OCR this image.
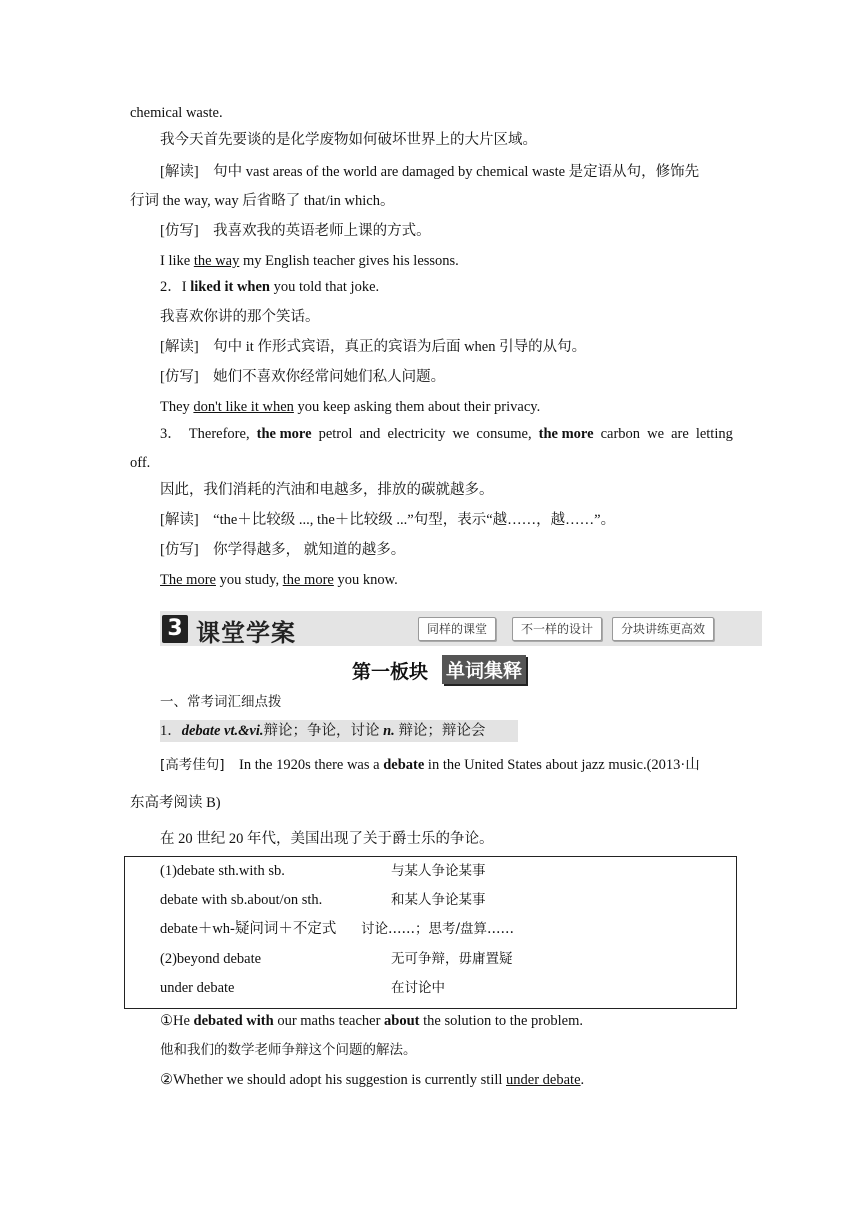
chemical waste.
我今天首先要谈的是化学废物如何破坏世界上的大片区域。
[解读]　句中 vast areas of the world are damaged by chemical waste 是定语从句，修饰先
行词 the way, way 后省略了 that/in which。
[仿写]　我喜欢我的英语老师上课的方式。
I like the way my English teacher gives his lessons.
2．I liked it when you told that joke.
我喜欢你讲的那个笑话。
[解读]　句中 it 作形式宾语，真正的宾语为后面 when 引导的从句。
[仿写]　她们不喜欢你经常问她们私人问题。
They don't like it when you keep asking them about their privacy.
3． Therefore, the more petrol and electricity we consume, the more carbon we are letting
off.
因此，我们消耗的汽油和电越多，排放的碳就越多。
[解读]　“the＋比较级 ..., the＋比较级 ...”句型，表示“越……，越……”。
[仿写]　你学得越多， 就知道的越多。
The more you study, the more you know.
3 课堂学案	同样的课堂	不一样的设计	分块讲练更高效
第一板块 单词集释
一、常考词汇细点拨
1．debate vt.&vi.辩论；争论，讨论 n. 辩论；辩论会
[高考佳句]　In the 1920s there was a debate in the United States about jazz music.(2013·山
东高考阅读 B)
在 20 世纪 20 年代，美国出现了关于爵士乐的争论。
(1)debate sth.with sb.	与某人争论某事
debate with sb.about/on sth.	和某人争论某事
debate＋wh-疑问词＋不定式 讨论……；思考/盘算……
(2)beyond debate	无可争辩，毋庸置疑
under debate	在讨论中
①He debated with our maths teacher about the solution to the problem.
他和我们的数学老师争辩这个问题的解法。
②Whether we should adopt his suggestion is currently still under debate.
